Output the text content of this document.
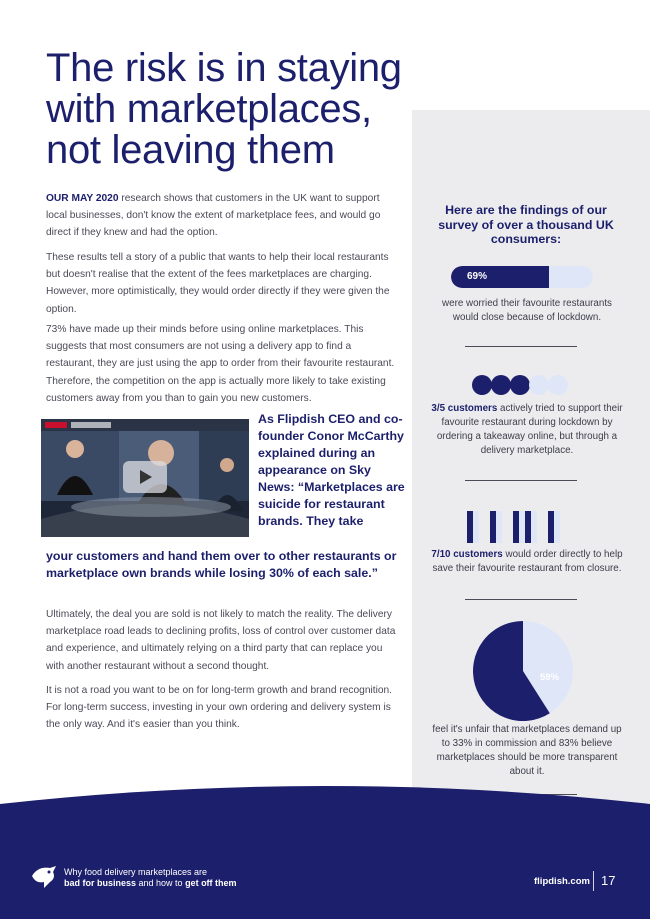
The risk is in staying
with marketplaces,
not leaving them

OUR MAY 2020 research shows that customers in the UK want to support local businesses, don't know the extent of marketplace fees, and would go direct if they knew and had the option.

These results tell a story of a public that wants to help their local restaurants but doesn't realise that the extent of the fees marketplaces are charging. However, more optimistically, they would order directly if they were given the option.

73% have made up their minds before using online marketplaces. This suggests that most consumers are not using a delivery app to find a restaurant, they are just using the app to order from their favourite restaurant. Therefore, the competition on the app is actually more likely to take existing customers away from you than to gain you new customers.

As Flipdish CEO and co-founder Conor McCarthy explained during an appearance on Sky News: “Marketplaces are suicide for restaurant brands. They take

your customers and hand them over to other restaurants or marketplace own brands while losing 30% of each sale.”

Ultimately, the deal you are sold is not likely to match the reality. The delivery marketplace road leads to declining profits, loss of control over customer data and experience, and ultimately relying on a third party that can replace you with another restaurant without a second thought.

It is not a road you want to be on for long-term growth and brand recognition. For long-term success, investing in your own ordering and delivery system is the only way. And it's easier than you think.

Here are the findings of our survey of over a thousand UK consumers:
69%

were worried their favourite restaurants would close because of lockdown.

3/5 customers actively tried to support their favourite restaurant during lockdown by ordering a takeaway online, but through a delivery marketplace.

7/10 customers would order directly to help save their favourite restaurant from closure.

59%

feel it's unfair that marketplaces demand up to 33% in commission and 83% believe marketplaces should be more transparent about it.

Why food delivery marketplaces are
bad for business and how to get off them	flipdish.com 17
